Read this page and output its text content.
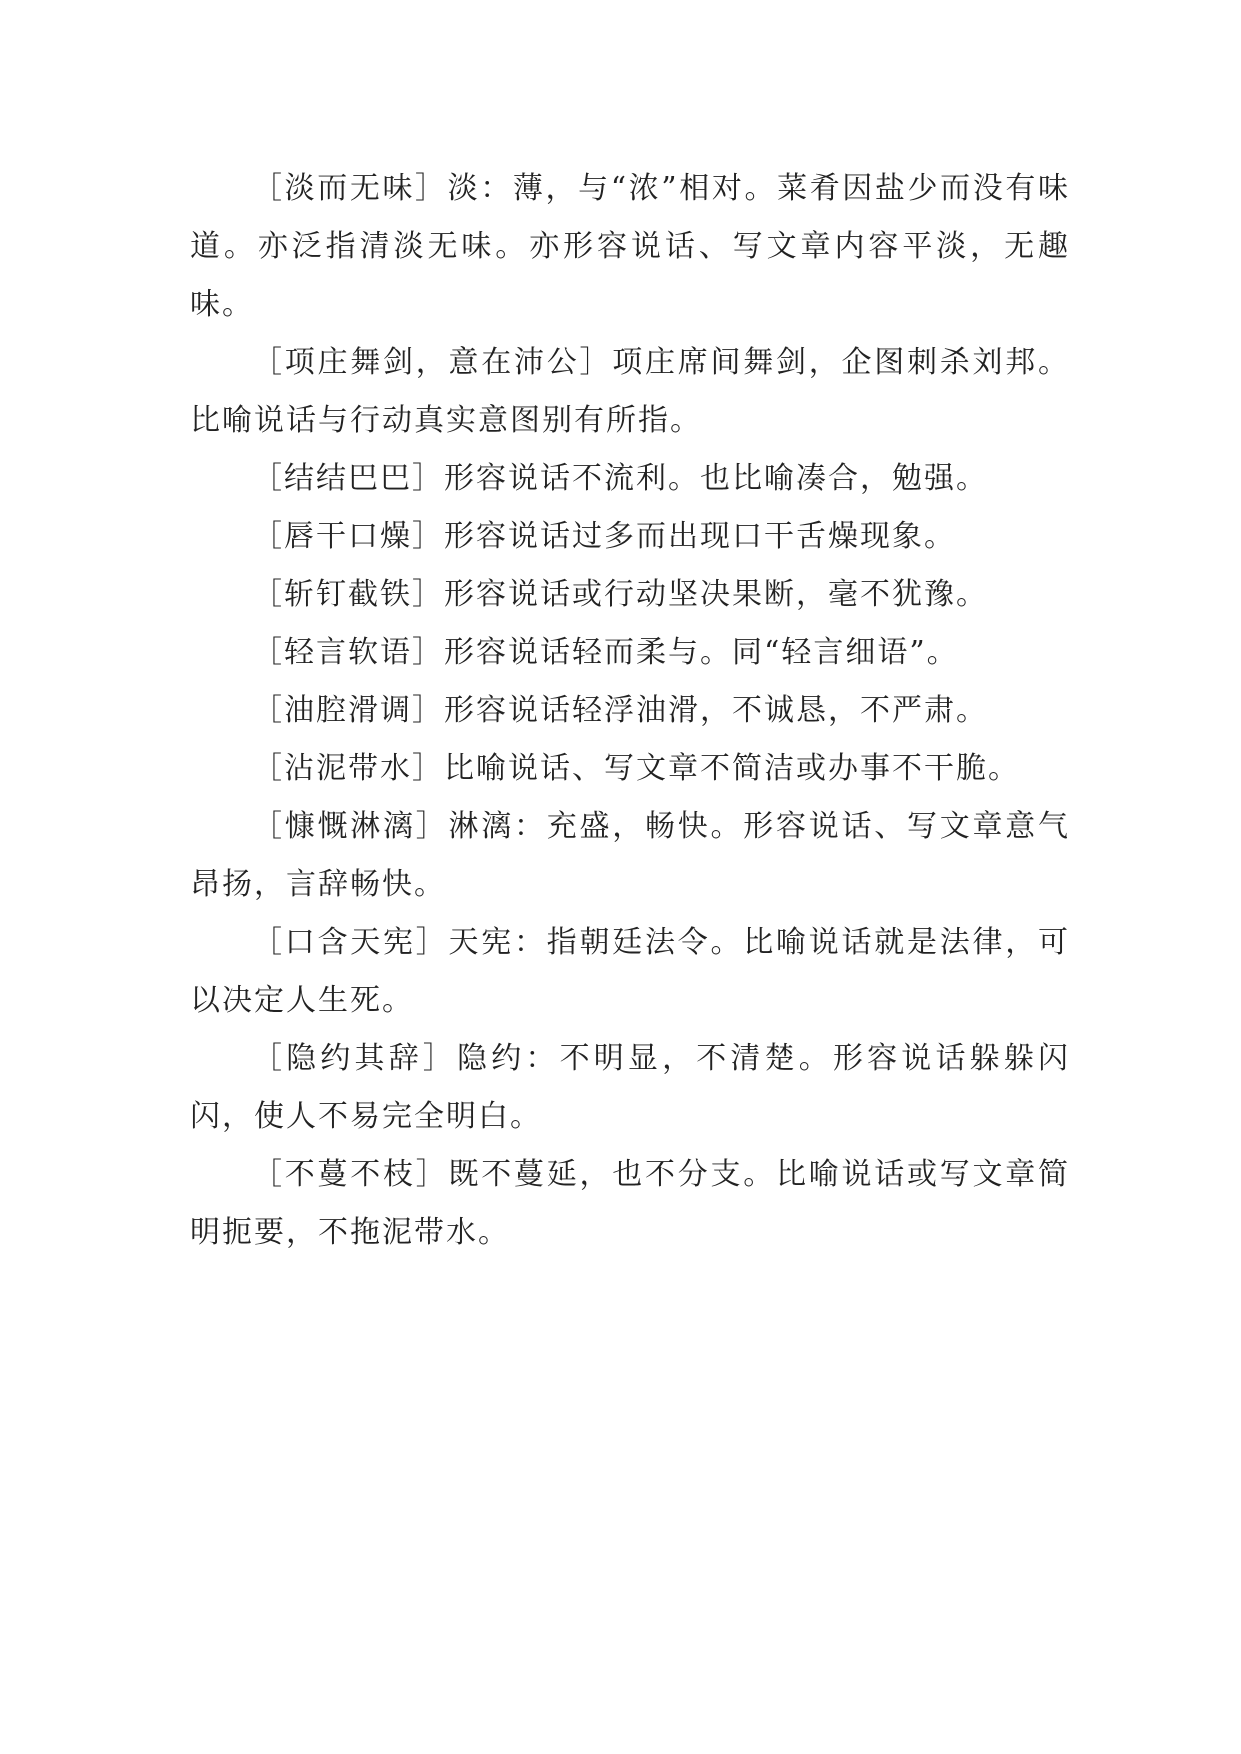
［淡而无味］淡：薄，与“浓”相对。菜肴因盐少而没有味道。亦泛指清淡无味。亦形容说话、写文章内容平淡，无趣味。

［项庄舞剑，意在沛公］项庄席间舞剑，企图刺杀刘邦。比喻说话与行动真实意图别有所指。

［结结巴巴］形容说话不流利。也比喻凑合，勉强。

［唇干口燥］形容说话过多而出现口干舌燥现象。

［斩钉截铁］形容说话或行动坚决果断，毫不犹豫。

［轻言软语］形容说话轻而柔与。同“轻言细语”。

［油腔滑调］形容说话轻浮油滑，不诚恳，不严肃。

［沾泥带水］比喻说话、写文章不简洁或办事不干脆。

［慷慨淋漓］淋漓：充盛，畅快。形容说话、写文章意气昂扬，言辞畅快。

［口含天宪］天宪：指朝廷法令。比喻说话就是法律，可以决定人生死。

［隐约其辞］隐约：不明显，不清楚。形容说话躲躲闪闪，使人不易完全明白。

［不蔓不枝］既不蔓延，也不分支。比喻说话或写文章简明扼要，不拖泥带水。
